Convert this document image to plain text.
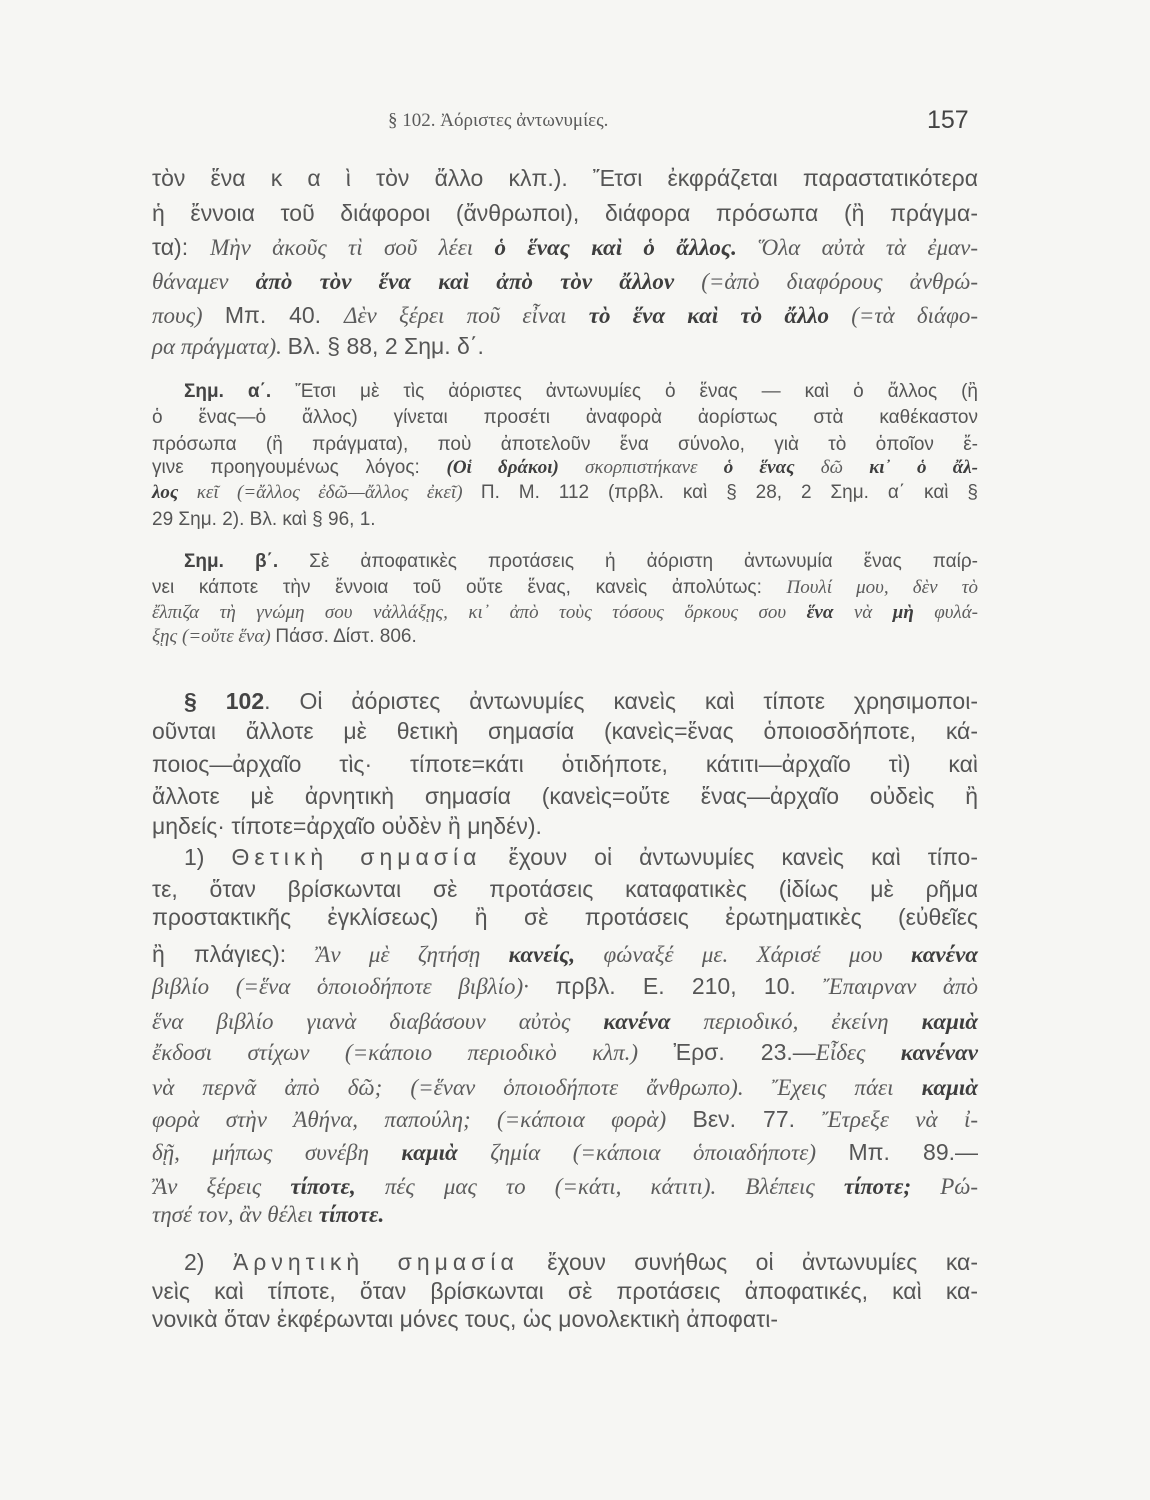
§ 102. Ἀόριστες ἀντωνυμίες.	157
τὸν ἕνα κ α ὶ τὸν ἄλλο κλπ.). Ἔτσι ἐκφράζεται παραστατικότερα
ἡ ἔννοια τοῦ διάφοροι (ἄνθρωποι), διάφορα πρόσωπα (ἢ πράγμα-
τα): Μὴν ἀκοῦς τὶ σοῦ λέει ὁ ἕνας καὶ ὁ ἄλλος. Ὅλα αὐτὰ τὰ ἐμαν-
θάναμεν ἀπὸ τὸν ἕνα καὶ ἀπὸ τὸν ἄλλον (=ἀπὸ διαφόρους ἀνθρώ-
πους) Μπ. 40. Δὲν ξέρει ποῦ εἶναι τὸ ἕνα καὶ τὸ ἄλλο (=τὰ διάφο-
ρα πράγματα). Βλ. § 88, 2 Σημ. δ΄.
Σημ. α΄. Ἔτσι μὲ τὶς ἀόριστες ἀντωνυμίες ὁ ἕνας — καὶ ὁ ἄλλος (ἢ
ὁ ἕνας—ὁ ἄλλος) γίνεται προσέτι ἀναφορὰ ἀορίστως στὰ καθέκαστον
πρόσωπα (ἢ πράγματα), ποὺ ἀποτελοῦν ἕνα σύνολο, γιὰ τὸ ὁποῖον ἔ-
γινε προηγουμένως λόγος: (Οἱ δράκοι) σκορπιστήκανε ὁ ἕνας δῶ κι᾽ ὁ ἄλ-
λος κεῖ (=ἄλλος ἐδῶ—ἄλλος ἐκεῖ) Π. Μ. 112 (πρβλ. καὶ § 28, 2 Σημ. α΄ καὶ §
29 Σημ. 2). Βλ. καὶ § 96, 1.
Σημ. β΄. Σὲ ἀποφατικὲς προτάσεις ἡ ἀόριστη ἀντωνυμία ἕνας παίρ-
νει κάποτε τὴν ἔννοια τοῦ οὔτε ἕνας, κανεὶς ἀπολύτως: Πουλί μου, δὲν τὸ
ἔλπιζα τὴ γνώμη σου νἀλλάξῃς, κι᾽ ἀπὸ τοὺς τόσους ὅρκους σου ἕνα νὰ μὴ φυλά-
ξῃς (=οὔτε ἕνα) Πάσσ. Δίστ. 806.
§ 102. Οἱ ἀόριστες ἀντωνυμίες κανεὶς καὶ τίποτε χρησιμοποι-
οῦνται ἄλλοτε μὲ θετικὴ σημασία (κανεὶς=ἕνας ὁποιοσδήποτε, κά-
ποιος—ἀρχαῖο τὶς· τίποτε=κάτι ὁτιδήποτε, κάτιτι—ἀρχαῖο τὶ) καὶ
ἄλλοτε μὲ ἀρνητικὴ σημασία (κανεὶς=οὔτε ἕνας—ἀρχαῖο οὐδεὶς ἢ
μηδείς· τίποτε=ἀρχαῖο οὐδὲν ἢ μηδέν).
1) Θετικὴ σημασία ἔχουν οἱ ἀντωνυμίες κανεὶς καὶ τίπο-
τε, ὅταν βρίσκωνται σὲ προτάσεις καταφατικὲς (ἰδίως μὲ ρῆμα
προστακτικῆς ἐγκλίσεως) ἢ σὲ προτάσεις ἐρωτηματικὲς (εὐθεῖες
ἢ πλάγιες): Ἂν μὲ ζητήσῃ κανείς, φώναξέ με. Χάρισέ μου κανένα
βιβλίο (=ἕνα ὁποιοδήποτε βιβλίο)· πρβλ. Ε. 210, 10. Ἔπαιρναν ἀπὸ
ἕνα βιβλίο γιανὰ διαβάσουν αὐτὸς κανένα περιοδικό, ἐκείνη καμιὰ
ἔκδοσι στίχων (=κάποιο περιοδικὸ κλπ.) Ἐρσ. 23.—Εἶδες κανέναν
νὰ περνᾶ ἀπὸ δῶ; (=ἕναν ὁποιοδήποτε ἄνθρωπο). Ἔχεις πάει καμιὰ
φορὰ στὴν Ἀθήνα, παπούλη; (=κάποια φορὰ) Βεν. 77. Ἔτρεξε νὰ ἰ-
δῇ, μήπως συνέβη καμιὰ ζημία (=κάποια ὁποιαδήποτε) Μπ. 89.—
Ἂν ξέρεις τίποτε, πές μας το (=κάτι, κάτιτι). Βλέπεις τίποτε; Ρώ-
τησέ τον, ἂν θέλει τίποτε.
2) Ἀρνητικὴ σημασία ἔχουν συνήθως οἱ ἀντωνυμίες κα-
νεὶς καὶ τίποτε, ὅταν βρίσκωνται σὲ προτάσεις ἀποφατικές, καὶ κα-
νονικὰ ὅταν ἐκφέρωνται μόνες τους, ὡς μονολεκτικὴ ἀποφατι-
